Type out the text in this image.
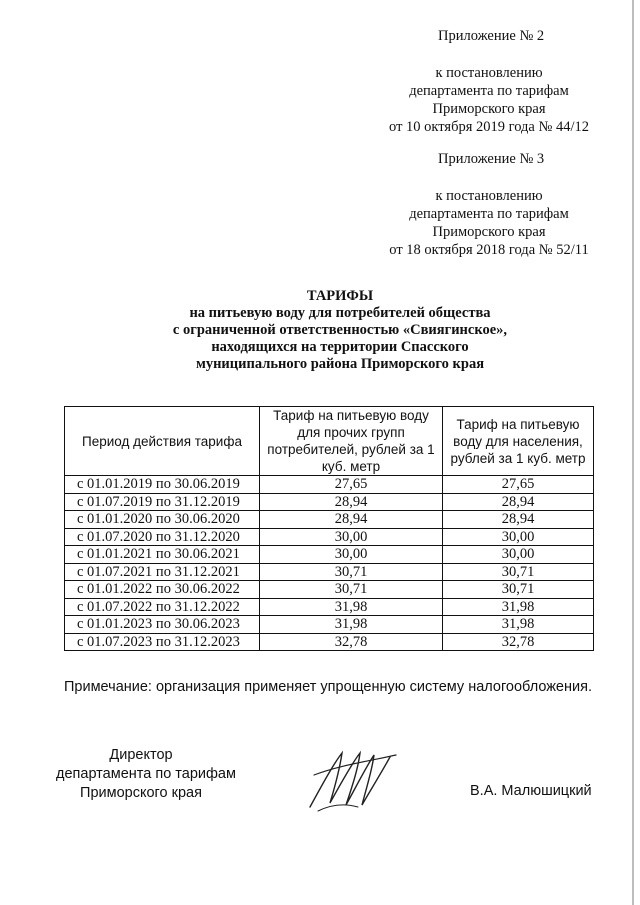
Приложение № 2
к постановлению
департамента по тарифам
Приморского края
от 10 октября 2019 года № 44/12
Приложение № 3
к постановлению
департамента по тарифам
Приморского края
от 18 октября 2018 года № 52/11
ТАРИФЫ
на питьевую воду для потребителей общества
с ограниченной ответственностью «Свиягинское»,
находящихся на территории Спасского
муниципального района Приморского края
Период действия тарифа	Тариф на питьевую воду для прочих групп потребителей, рублей за 1 куб. метр	Тариф на питьевую воду для населения, рублей за 1 куб. метр
с 01.01.2019 по 30.06.2019	27,65	27,65
с 01.07.2019 по 31.12.2019	28,94	28,94
с 01.01.2020 по 30.06.2020	28,94	28,94
с 01.07.2020 по 31.12.2020	30,00	30,00
с 01.01.2021 по 30.06.2021	30,00	30,00
с 01.07.2021 по 31.12.2021	30,71	30,71
с 01.01.2022 по 30.06.2022	30,71	30,71
с 01.07.2022 по 31.12.2022	31,98	31,98
с 01.01.2023 по 30.06.2023	31,98	31,98
с 01.07.2023 по 31.12.2023	32,78	32,78
Примечание: организация применяет упрощенную систему налогообложения.
Директор
департамента по тарифам
Приморского края	В.А. Малюшицкий
